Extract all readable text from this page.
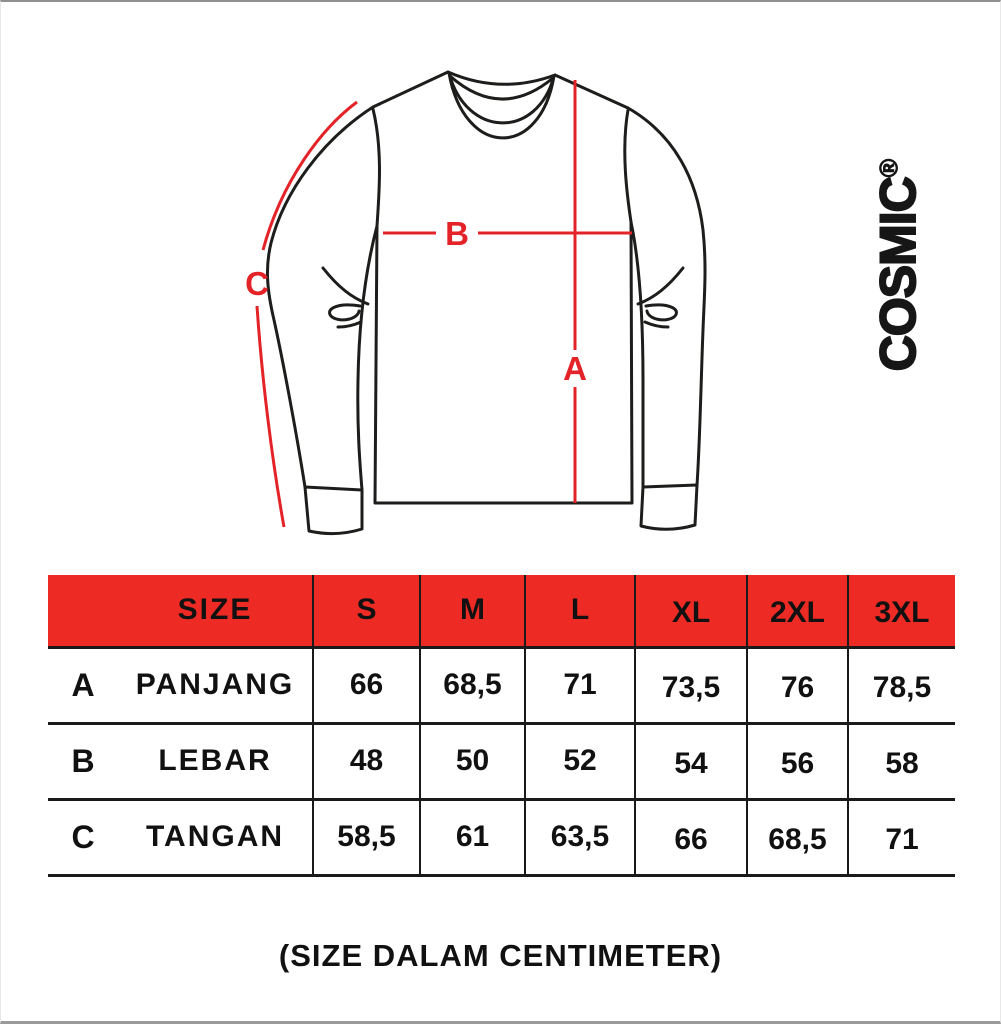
A
B
C	COSMIC®
SIZE	S	M	L	XL	2XL	3XL

A PANJANG	66	68,5	71	73,5	76	78,5

B LEBAR	48	50	52	54	56	58

C TANGAN	58,5	61	63,5	66	68,5	71
(SIZE DALAM CENTIMETER)
